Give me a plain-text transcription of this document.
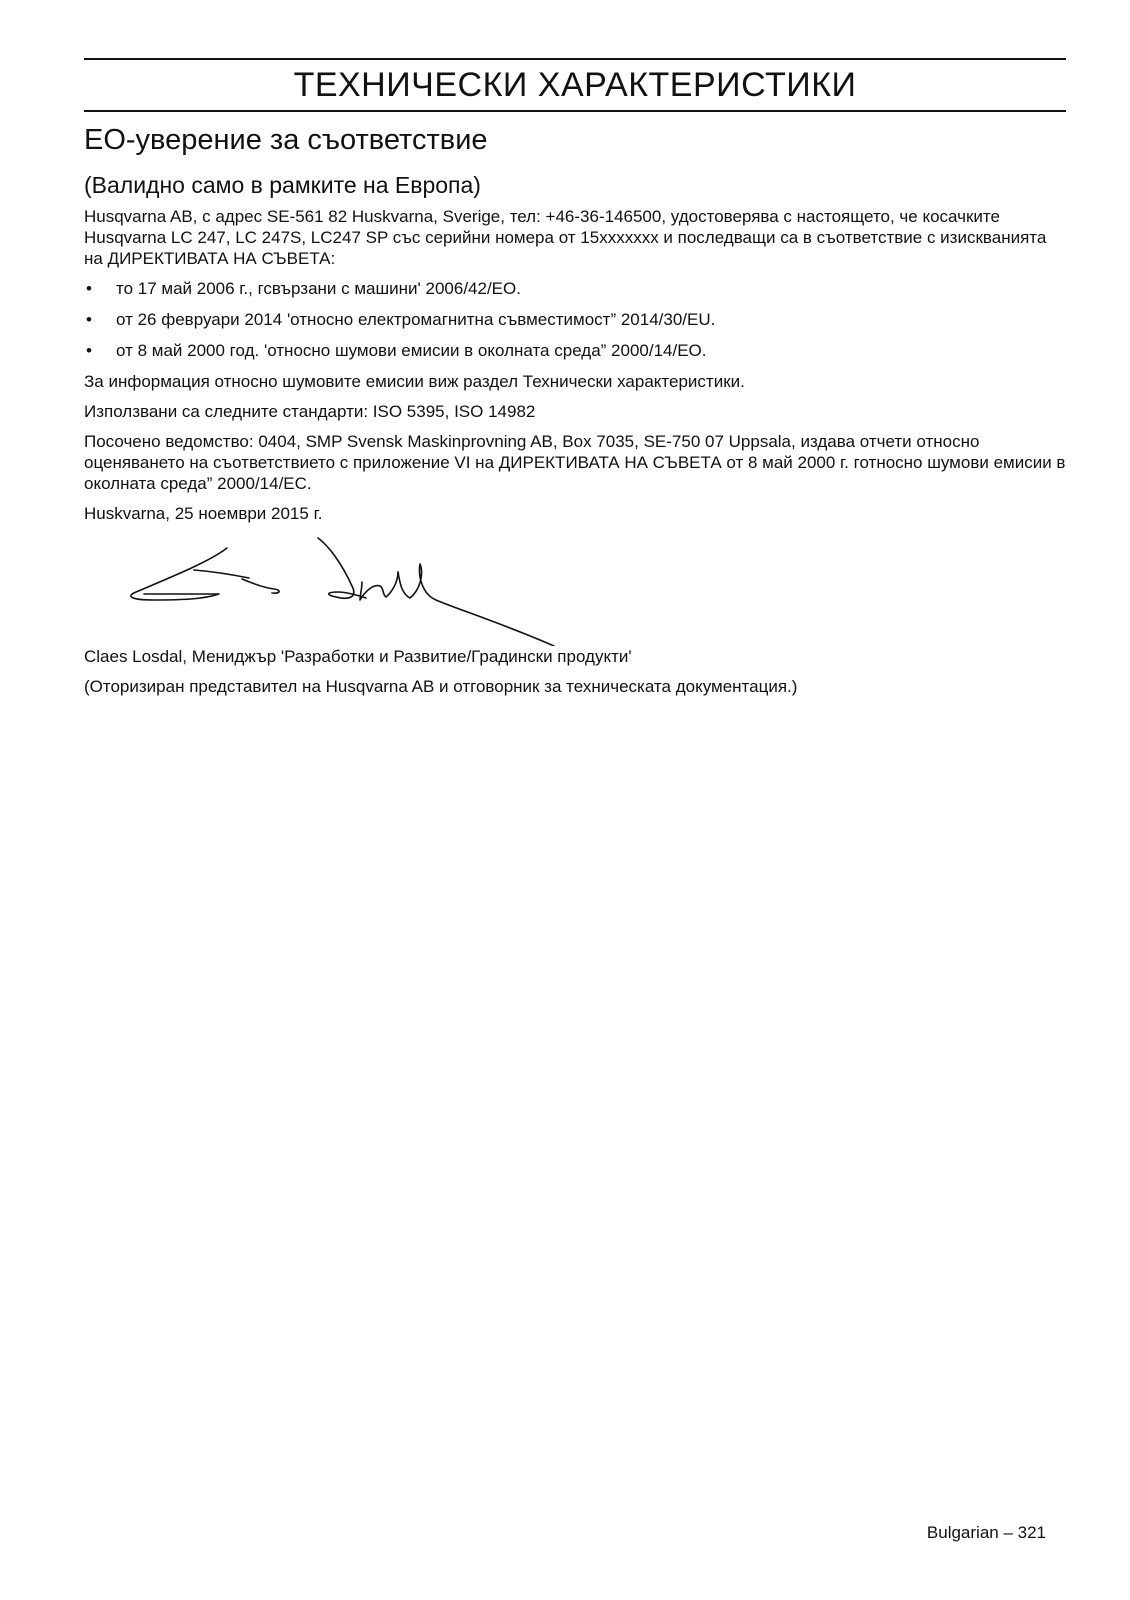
ТЕХНИЧЕСКИ ХАРАКТЕРИСТИКИ
ЕО-уверение за съответствие
(Валидно само в рамките на Европа)

Husqvarna AB, с адрес SE-561 82 Huskvarna, Sverige, тел: +46-36-146500, удостоверява с настоящето, че косачките Husqvarna LC 247, LC 247S, LC247 SP със серийни номера от 15ххххххх и последващи са в съответствие с изискванията на ДИРЕКТИВАТА НА СЪВЕТА:

• то 17 май 2006 г., гсвързани с машини' 2006/42/ЕО.
• от 26 февруари 2014 'относно електромагнитна съвместимост” 2014/30/EU.
• от 8 май 2000 год. 'относно шумови емисии в околната среда” 2000/14/ЕО.

За информация относно шумовите емисии виж раздел Технически характеристики.

Използвани са следните стандарти: ISO 5395, ISO 14982

Посочено ведомство: 0404, SMP Svensk Maskinprovning AB, Box 7035, SE-750 07 Uppsala, издава отчети относно оценяването на съответствието с приложение VI на ДИРЕКТИВАТА НА СЪВЕТА от 8 май 2000 г. готносно шумови емисии в околната среда” 2000/14/ЕС.

Huskvarna, 25 ноември 2015 г.

Claes Losdal, Мениджър 'Разработки и Развитие/Градински продукти'

(Оторизиран представител на Husqvarna AB и отговорник за техническата документация.)

Bulgarian – 321
